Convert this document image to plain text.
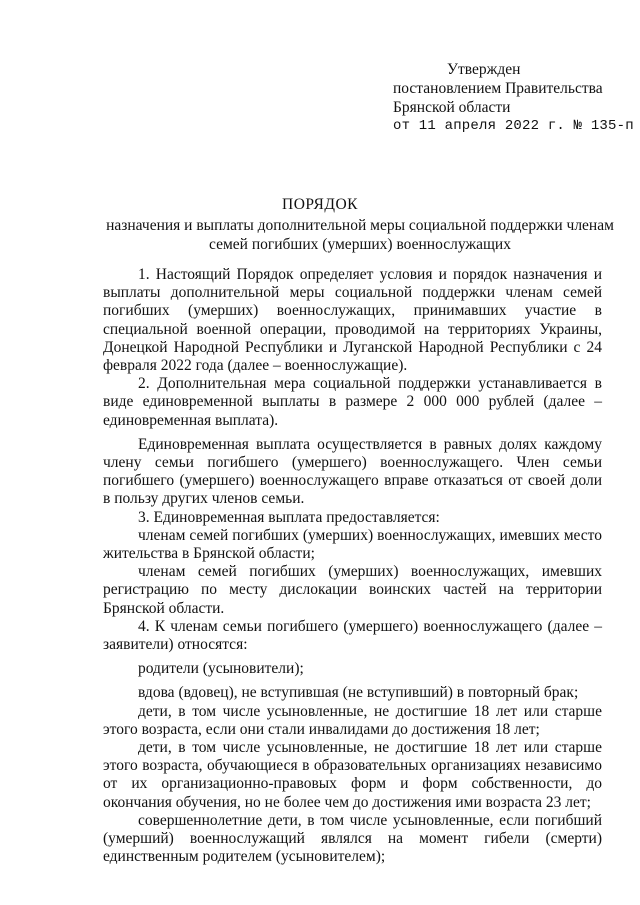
Утвержден
постановлением Правительства
Брянской области
от 11 апреля 2022 г. № 135-п
ПОРЯДОК
назначения и выплаты дополнительной меры социальной поддержки членам семей погибших (умерших) военнослужащих

1. Настоящий Порядок определяет условия и порядок назначения и выплаты дополнительной меры социальной поддержки членам семей погибших (умерших) военнослужащих, принимавших участие в специальной военной операции, проводимой на территориях Украины, Донецкой Народной Республики и Луганской Народной Республики с 24 февраля 2022 года (далее – военнослужащие).

2. Дополнительная мера социальной поддержки устанавливается в виде единовременной выплаты в размере 2 000 000 рублей (далее – единовременная выплата).

Единовременная выплата осуществляется в равных долях каждому члену семьи погибшего (умершего) военнослужащего. Член семьи погибшего (умершего) военнослужащего вправе отказаться от своей доли в пользу других членов семьи.

3. Единовременная выплата предоставляется:

членам семей погибших (умерших) военнослужащих, имевших место жительства в Брянской области;

членам семей погибших (умерших) военнослужащих, имевших регистрацию по месту дислокации воинских частей на территории Брянской области.

4. К членам семьи погибшего (умершего) военнослужащего (далее – заявители) относятся:

родители (усыновители);

вдова (вдовец), не вступившая (не вступивший) в повторный брак;

дети, в том числе усыновленные, не достигшие 18 лет или старше этого возраста, если они стали инвалидами до достижения 18 лет;

дети, в том числе усыновленные, не достигшие 18 лет или старше этого возраста, обучающиеся в образовательных организациях независимо от их организационно-правовых форм и форм собственности, до окончания обучения, но не более чем до достижения ими возраста 23 лет;

совершеннолетние дети, в том числе усыновленные, если погибший (умерший) военнослужащий являлся на момент гибели (смерти) единственным родителем (усыновителем);
